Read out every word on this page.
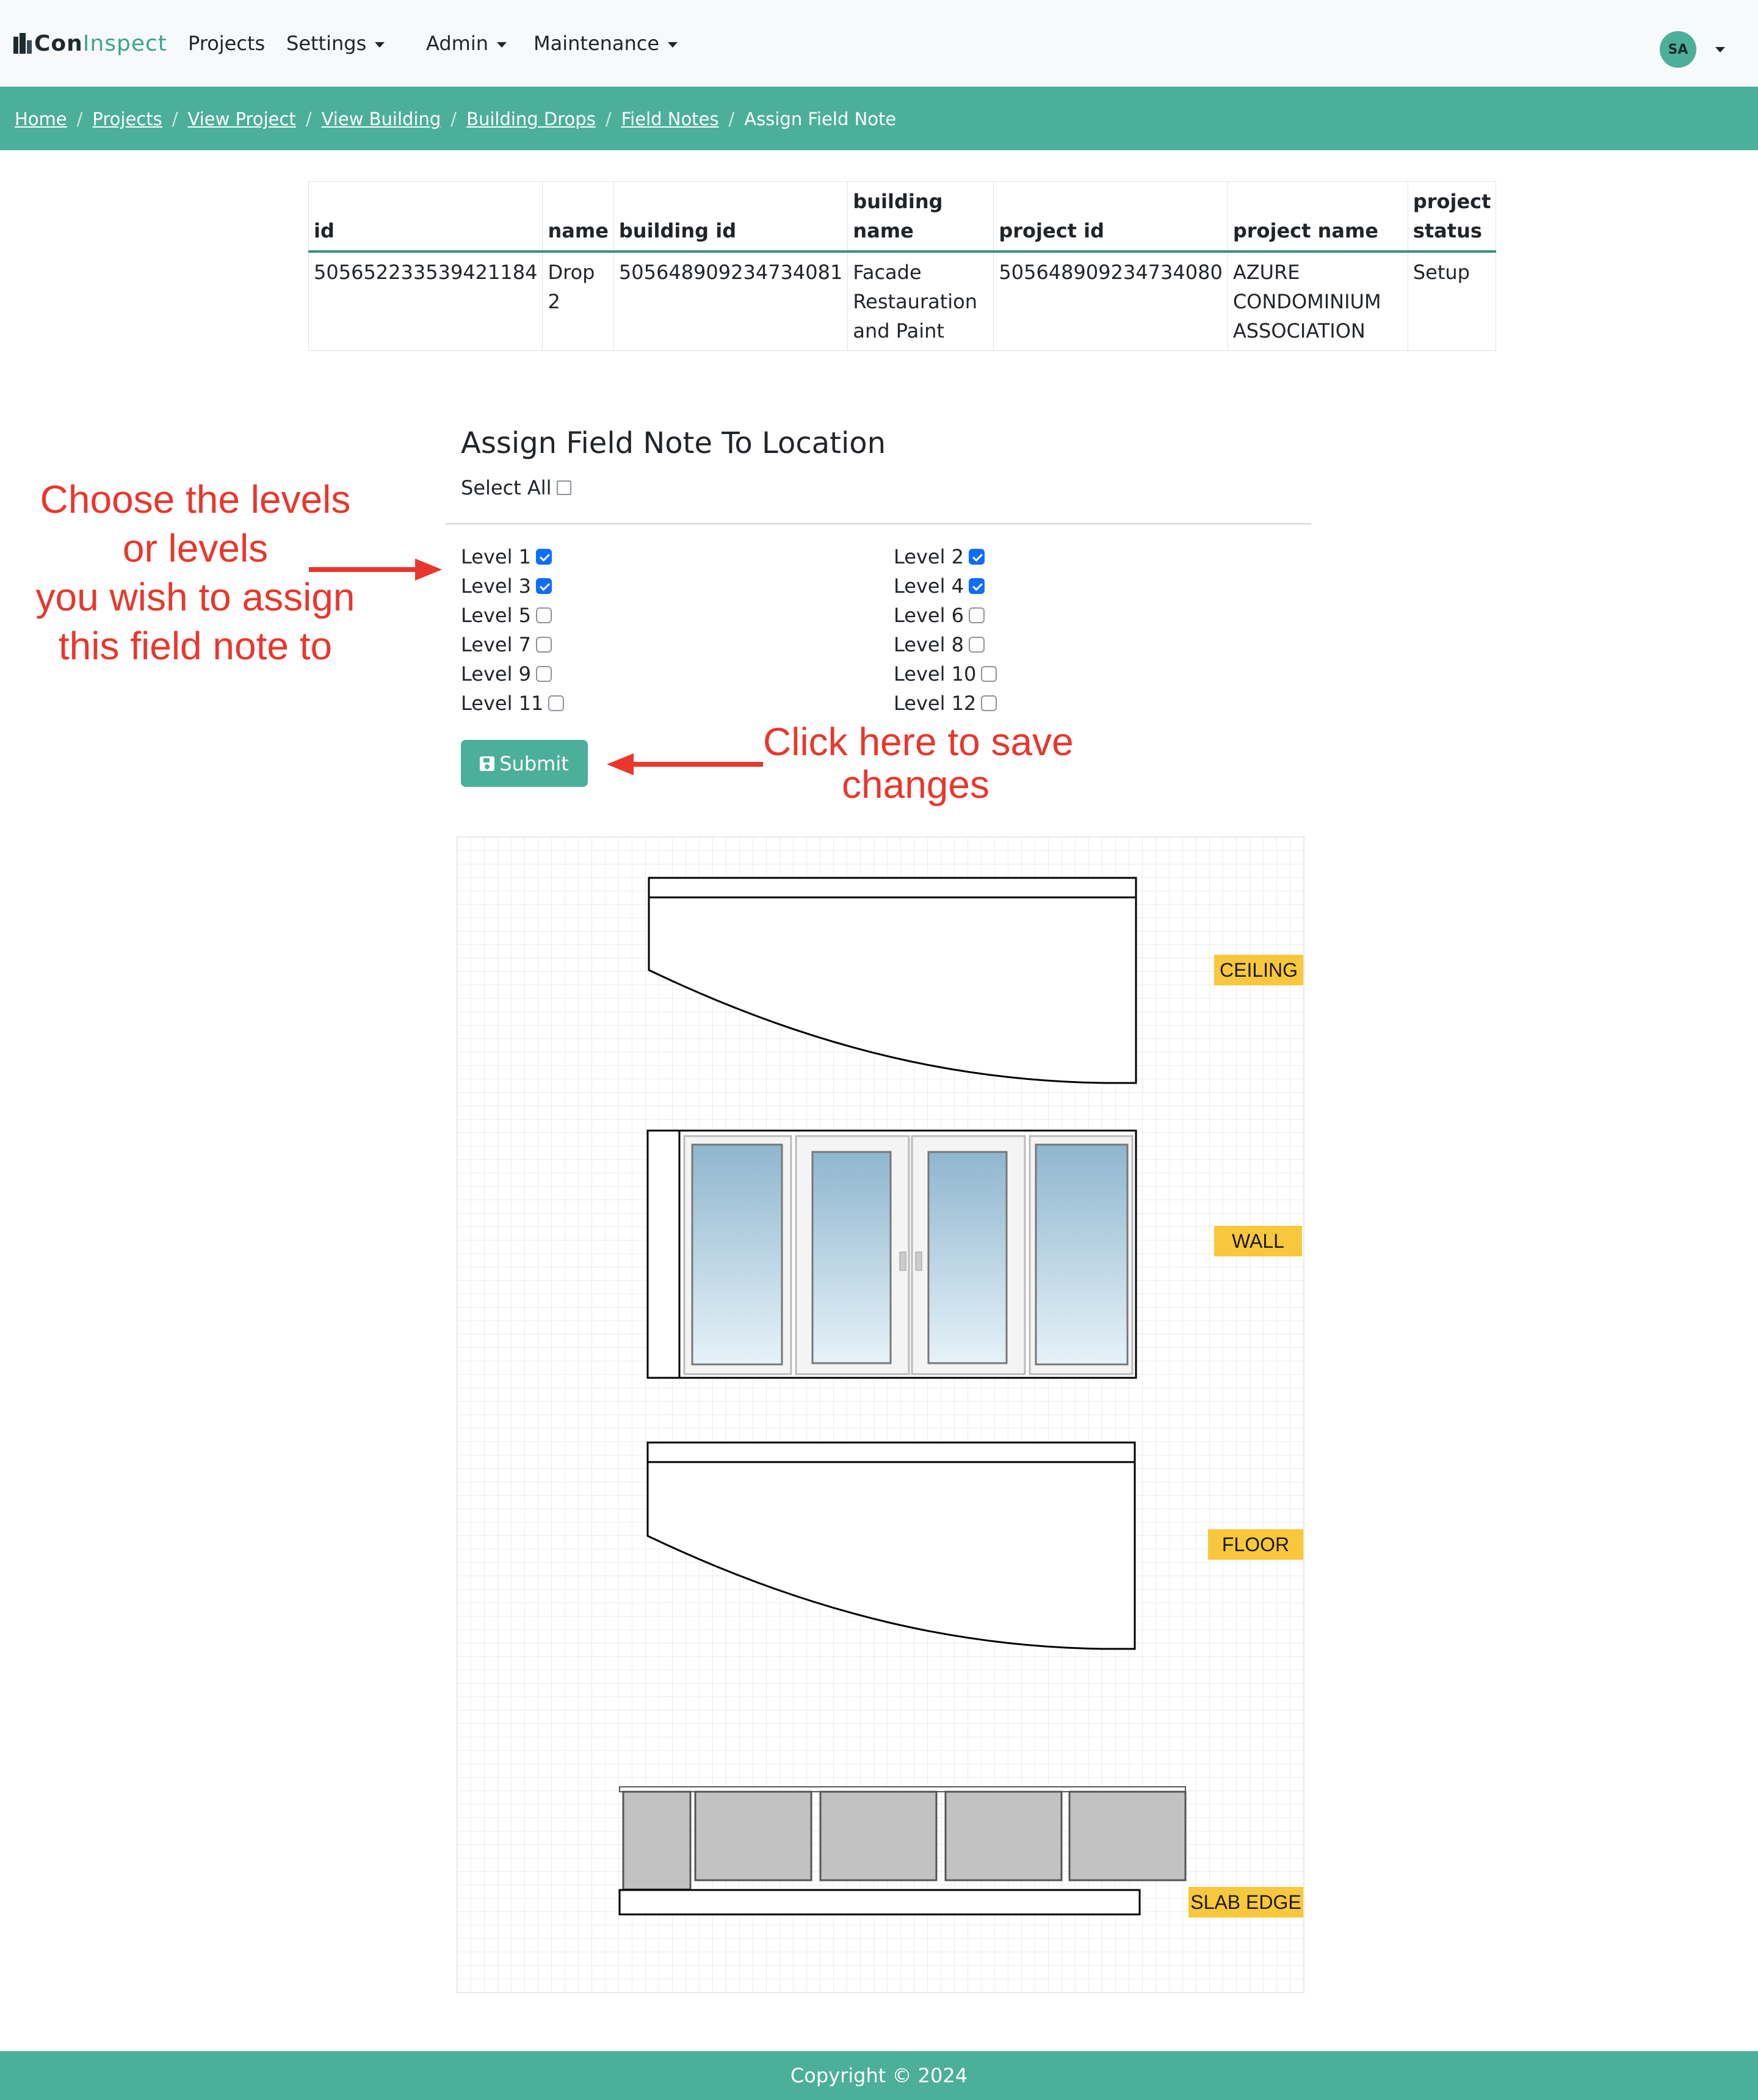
Con Inspect Projects Settings	Admin	Maintenance	SA
Home / Projects / View Project / View Building / Building Drops / Field Notes / Assign Field Note
id	name	building id	building name	project id	project name	project status
505652233539421184	Drop 2	505648909234734081	Facade Restauration and Paint	505648909234734080	AZURE CONDOMINIUM ASSOCIATION	Setup
Assign Field Note To Location
Select All
Level 1	Level 2
Level 3	Level 4
Level 5	Level 6
Level 7	Level 8
Level 9	Level 10
Level 11	Level 12
Submit
Choose the levels
or levels
you wish to assign
this field note to
Click here to save
changes
CEILING
WALL
FLOOR
SLAB EDGE
Copyright © 2024
